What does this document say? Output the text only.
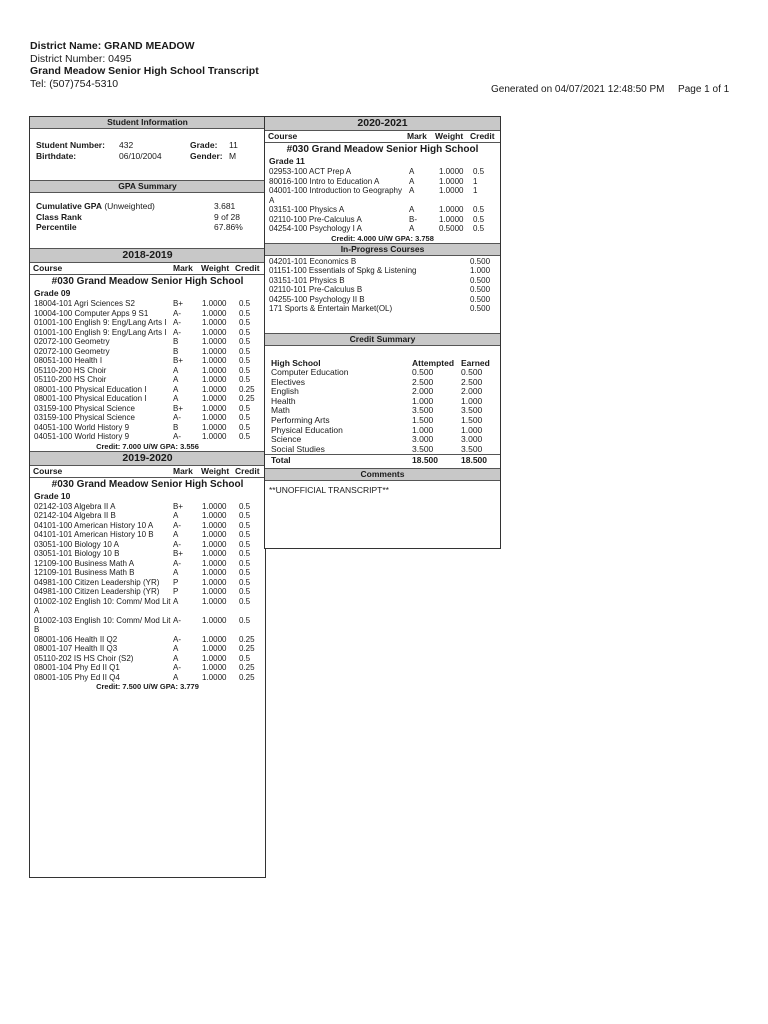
District Name: GRAND MEADOW
District Number: 0495
Grand Meadow Senior High School Transcript
Tel: (507)754-5310	Generated on 04/07/2021 12:48:50 PM Page 1 of 1
Student Information
Student Number: 432	Grade: 11
Birthdate:	06/10/2004	Gender: M
GPA Summary
Cumulative GPA (Unweighted)	3.681
Class Rank	9 of 28
Percentile	67.86%
2018-2019
Course	Mark Weight Credit
#030 Grand Meadow Senior High School
Grade 09
18004-101 Agri Sciences S2	B+ 1.0000 0.5
10004-100 Computer Apps 9 S1	A-	1.0000 0.5
01001-100 English 9: Eng/Lang Arts I A-	1.0000 0.5
01001-100 English 9: Eng/Lang Arts I A-	1.0000 0.5
02072-100 Geometry	B	1.0000 0.5
02072-100 Geometry	B	1.0000 0.5
08051-100 Health I	B+ 1.0000 0.5
05110-200 HS Choir	A	1.0000 0.5
05110-200 HS Choir	A	1.0000 0.5
08001-100 Physical Education I	A	1.0000 0.25
08001-100 Physical Education I	A	1.0000 0.25
03159-100 Physical Science	B+ 1.0000 0.5
03159-100 Physical Science	A-	1.0000 0.5
04051-100 World History 9	B	1.0000 0.5
04051-100 World History 9	A-	1.0000 0.5
Credit: 7.000 U/W GPA: 3.556
2019-2020
Course	Mark Weight Credit
#030 Grand Meadow Senior High School
Grade 10
02142-103 Algebra II A	B+ 1.0000 0.5
02142-104 Algebra II B	A	1.0000 0.5
04101-100 American History 10 A	A-	1.0000 0.5
04101-101 American History 10 B	A	1.0000 0.5
03051-100 Biology 10 A	A-	1.0000 0.5
03051-101 Biology 10 B	B+ 1.0000 0.5
12109-100 Business Math A	A-	1.0000 0.5
12109-101 Business Math B	A	1.0000 0.5
04981-100 Citizen Leadership (YR)	P	1.0000 0.5
04981-100 Citizen Leadership (YR)	P	1.0000 0.5
01002-102 English 10: Comm/ Mod Lit A
A	1.0000 0.5
01002-103 English 10: Comm/ Mod Lit B
A-	1.0000 0.5
08001-106 Health II Q2	A-	1.0000 0.25
08001-107 Health II Q3	A	1.0000 0.25
05110-202 IS HS Choir (S2)	A	1.0000 0.5
08001-104 Phy Ed II Q1	A-	1.0000 0.25
08001-105 Phy Ed II Q4	A	1.0000 0.25
Credit: 7.500 U/W GPA: 3.779
2020-2021
Course	Mark Weight Credit
#030 Grand Meadow Senior High School
Grade 11
02953-100 ACT Prep A	A	1.0000 0.5
80016-100 Intro to Education A	A	1.0000 1
04001-100 Introduction to Geography A
A	1.0000 1
03151-100 Physics A	A	1.0000 0.5
02110-100 Pre-Calculus A	B-	1.0000 0.5
04254-100 Psychology I A	A	0.5000 0.5
Credit: 4.000 U/W GPA: 3.758
In-Progress Courses
04201-101 Economics B	0.500
01151-100 Essentials of Spkg & Listening	1.000
03151-101 Physics B	0.500
02110-101 Pre-Calculus B	0.500
04255-100 Psychology II B	0.500
171 Sports & Entertain Market(OL)	0.500
Credit Summary
High School	Attempted Earned
Computer Education	0.500	0.500
Electives	2.500	2.500
English	2.000	2.000
Health	1.000	1.000
Math	3.500	3.500
Performing Arts	1.500	1.500
Physical Education	1.000	1.000
Science	3.000	3.000
Social Studies	3.500	3.500
Total	18.500	18.500
Comments
**UNOFFICIAL TRANSCRIPT**
